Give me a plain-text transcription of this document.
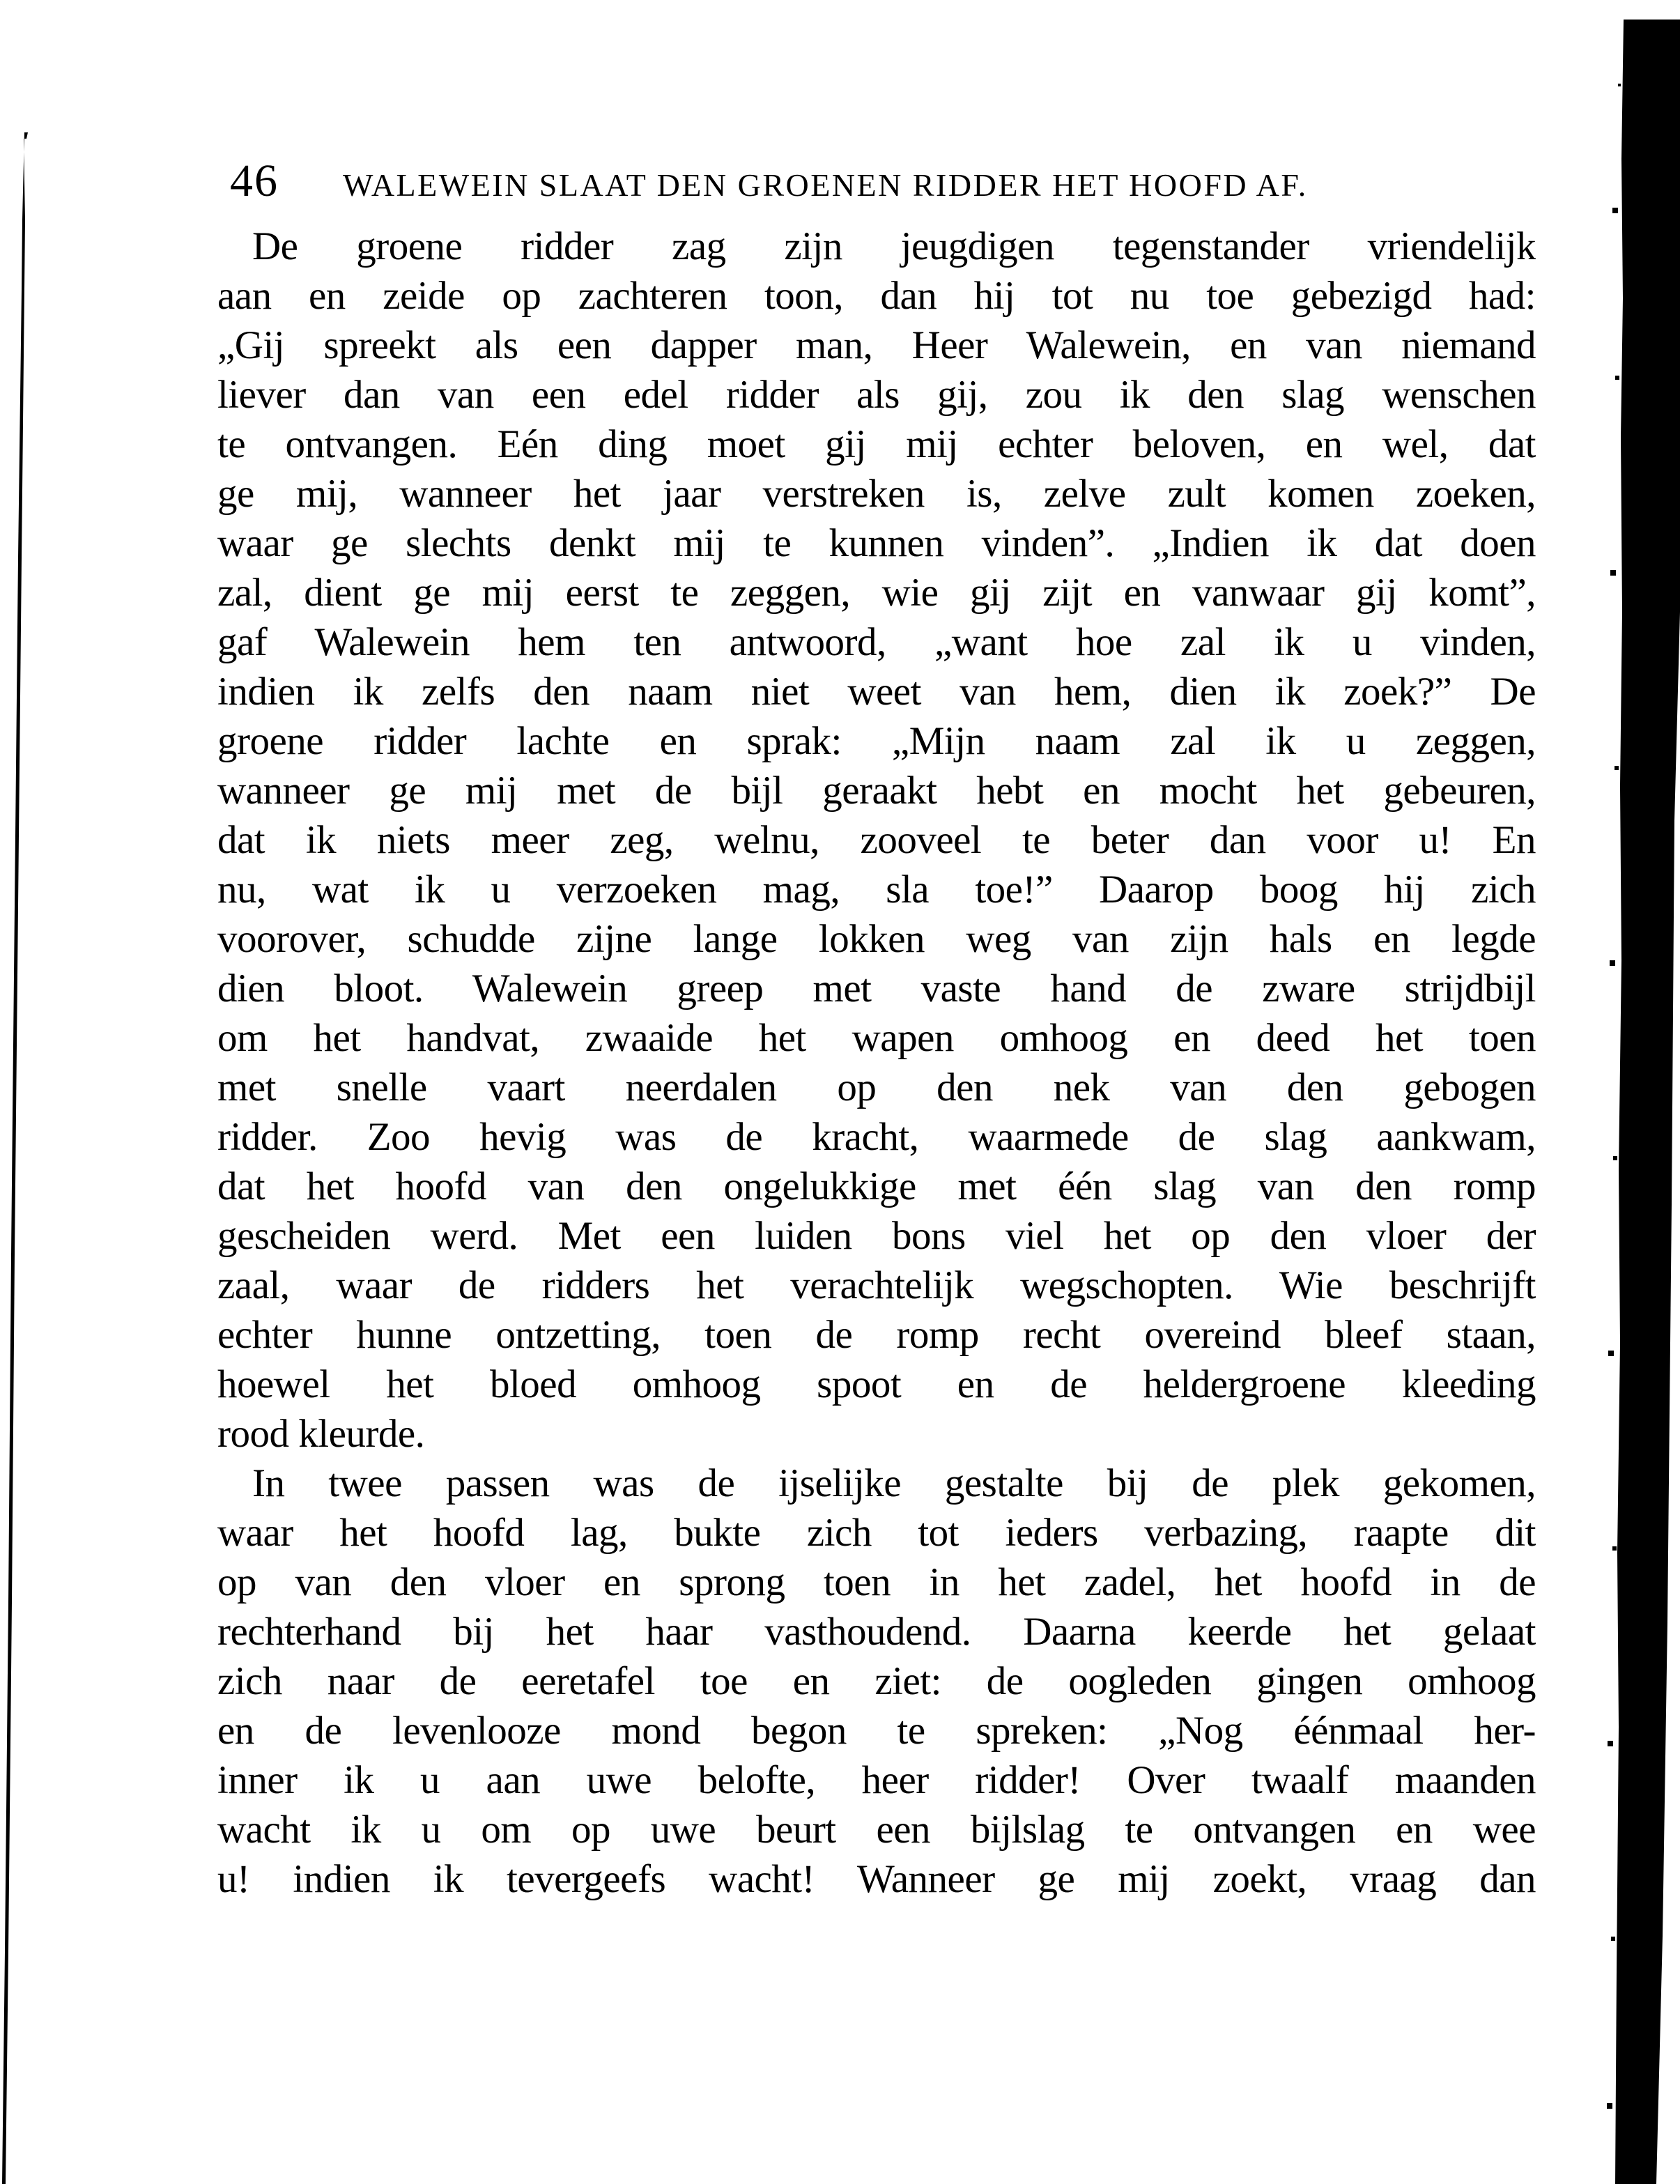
46 WALEWEIN SLAAT DEN GROENEN RIDDER HET HOOFD AF.
De groene ridder zag zijn jeugdigen tegenstander vriendelijk
aan en zeide op zachteren toon, dan hij tot nu toe gebezigd had:
„Gij spreekt als een dapper man, Heer Walewein, en van niemand
liever dan van een edel ridder als gij, zou ik den slag wenschen
te ontvangen. Eén ding moet gij mij echter beloven, en wel, dat
ge mij, wanneer het jaar verstreken is, zelve zult komen zoeken,
waar ge slechts denkt mij te kunnen vinden”. „Indien ik dat doen
zal, dient ge mij eerst te zeggen, wie gij zijt en vanwaar gij komt”,
gaf Walewein hem ten antwoord, „want hoe zal ik u vinden,
indien ik zelfs den naam niet weet van hem, dien ik zoek?” De
groene ridder lachte en sprak: „Mijn naam zal ik u zeggen,
wanneer ge mij met de bijl geraakt hebt en mocht het gebeuren,
dat ik niets meer zeg, welnu, zooveel te beter dan voor u! En
nu, wat ik u verzoeken mag, sla toe!” Daarop boog hij zich
voorover, schudde zijne lange lokken weg van zijn hals en legde
dien bloot. Walewein greep met vaste hand de zware strijdbijl
om het handvat, zwaaide het wapen omhoog en deed het toen
met snelle vaart neerdalen op den nek van den gebogen
ridder. Zoo hevig was de kracht, waarmede de slag aankwam,
dat het hoofd van den ongelukkige met één slag van den romp
gescheiden werd. Met een luiden bons viel het op den vloer der
zaal, waar de ridders het verachtelijk wegschopten. Wie beschrijft
echter hunne ontzetting, toen de romp recht overeind bleef staan,
hoewel het bloed omhoog spoot en de heldergroene kleeding
rood kleurde.
In twee passen was de ijselijke gestalte bij de plek gekomen,
waar het hoofd lag, bukte zich tot ieders verbazing, raapte dit
op van den vloer en sprong toen in het zadel, het hoofd in de
rechterhand bij het haar vasthoudend. Daarna keerde het gelaat
zich naar de eeretafel toe en ziet: de oogleden gingen omhoog
en de levenlooze mond begon te spreken: „Nog éénmaal her-
inner ik u aan uwe belofte, heer ridder! Over twaalf maanden
wacht ik u om op uwe beurt een bijlslag te ontvangen en wee
u! indien ik tevergeefs wacht! Wanneer ge mij zoekt, vraag dan
